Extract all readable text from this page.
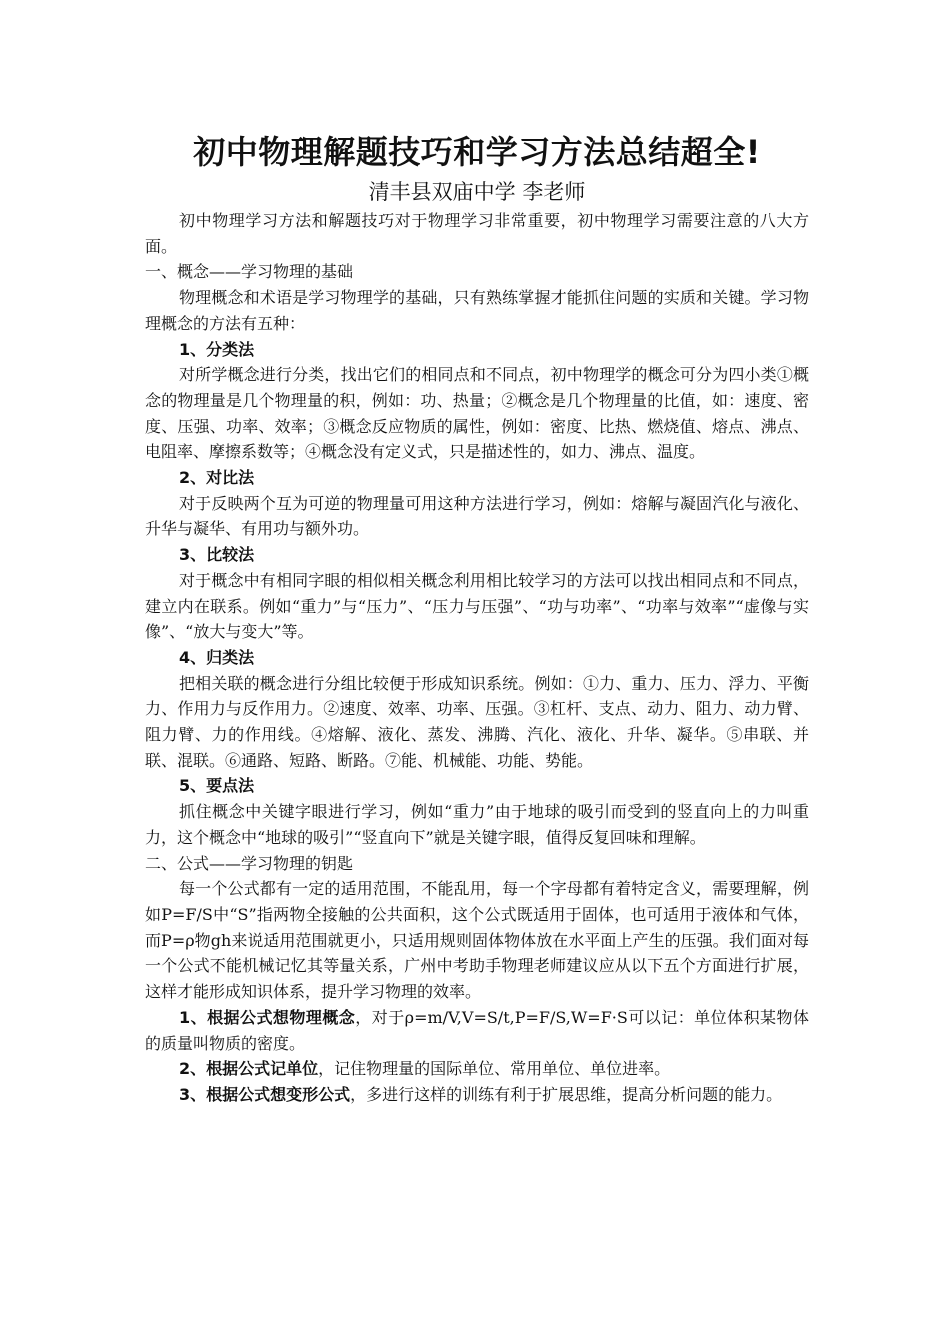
初中物理解题技巧和学习方法总结超全!
清丰县双庙中学 李老师

初中物理学习方法和解题技巧对于物理学习非常重要，初中物理学习需要注意的八大方面。

一、概念——学习物理的基础

物理概念和术语是学习物理学的基础，只有熟练掌握才能抓住问题的实质和关键。学习物理概念的方法有五种：

1、分类法

对所学概念进行分类，找出它们的相同点和不同点，初中物理学的概念可分为四小类①概念的物理量是几个物理量的积，例如：功、热量；②概念是几个物理量的比值，如：速度、密度、压强、功率、效率；③概念反应物质的属性，例如：密度、比热、燃烧值、熔点、沸点、电阻率、摩擦系数等；④概念没有定义式，只是描述性的，如力、沸点、温度。

2、对比法

对于反映两个互为可逆的物理量可用这种方法进行学习，例如：熔解与凝固汽化与液化、升华与凝华、有用功与额外功。

3、比较法

对于概念中有相同字眼的相似相关概念利用相比较学习的方法可以找出相同点和不同点，建立内在联系。例如“重力”与“压力”、“压力与压强”、“功与功率”、“功率与效率”“虚像与实像”、“放大与变大”等。

4、归类法

把相关联的概念进行分组比较便于形成知识系统。例如：①力、重力、压力、浮力、平衡力、作用力与反作用力。②速度、效率、功率、压强。③杠杆、支点、动力、阻力、动力臂、阻力臂、力的作用线。④熔解、液化、蒸发、沸腾、汽化、液化、升华、凝华。⑤串联、并联、混联。⑥通路、短路、断路。⑦能、机械能、功能、势能。

5、要点法

抓住概念中关键字眼进行学习，例如“重力”由于地球的吸引而受到的竖直向上的力叫重力，这个概念中“地球的吸引”“竖直向下”就是关键字眼，值得反复回味和理解。

二、公式——学习物理的钥匙

每一个公式都有一定的适用范围，不能乱用，每一个字母都有着特定含义，需要理解，例如P=F/S中“S”指两物全接触的公共面积，这个公式既适用于固体，也可适用于液体和气体，而P=ρ物gh来说适用范围就更小，只适用规则固体物体放在水平面上产生的压强。我们面对每一个公式不能机械记忆其等量关系，广州中考助手物理老师建议应从以下五个方面进行扩展，这样才能形成知识体系，提升学习物理的效率。

1、根据公式想物理概念，对于ρ=m/V,V=S/t,P=F/S,W=F·S可以记：单位体积某物体的质量叫物质的密度。

2、根据公式记单位，记住物理量的国际单位、常用单位、单位进率。

3、根据公式想变形公式，多进行这样的训练有利于扩展思维，提高分析问题的能力。
